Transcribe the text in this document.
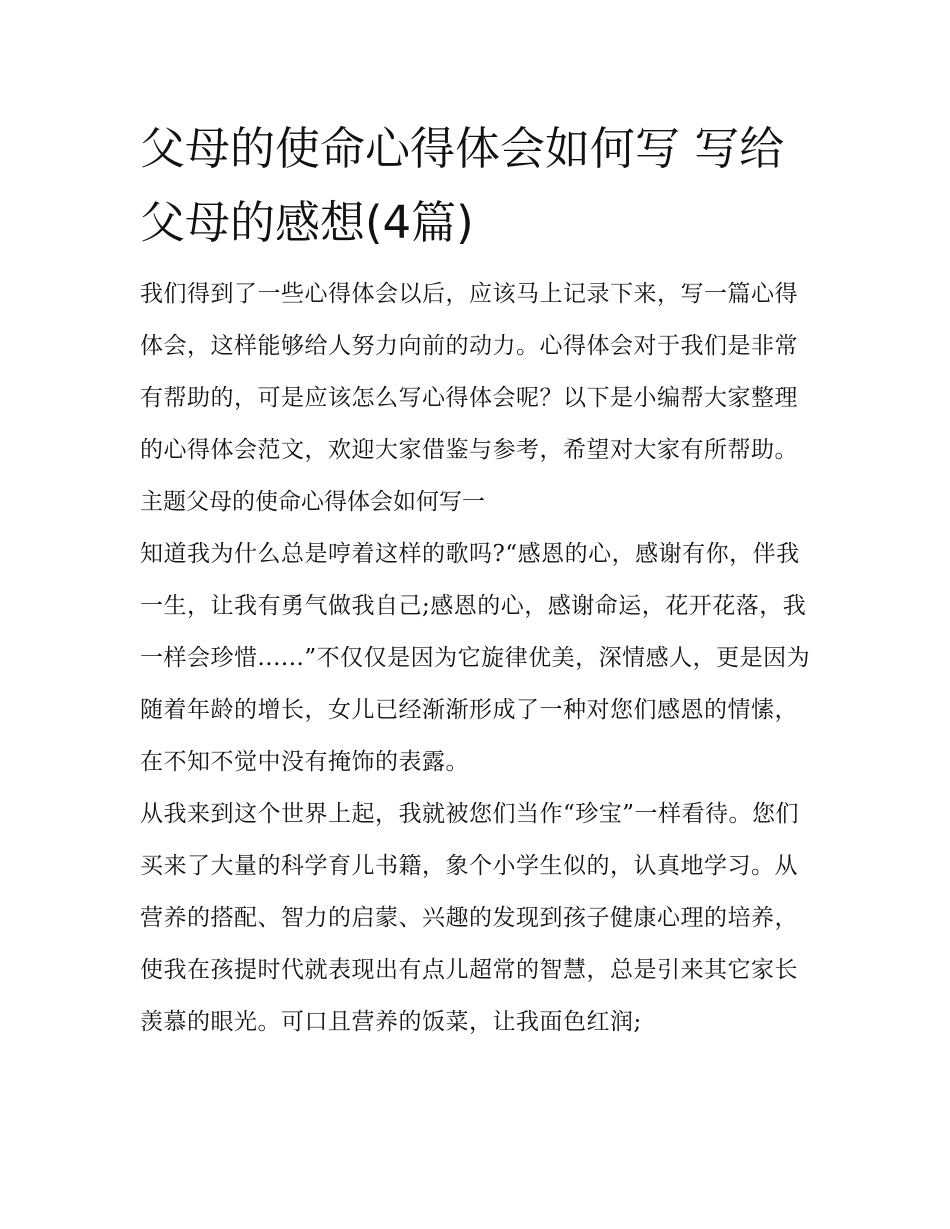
父母的使命心得体会如何写 写给父母的感想(4篇)

我们得到了一些心得体会以后，应该马上记录下来，写一篇心得体会，这样能够给人努力向前的动力。心得体会对于我们是非常有帮助的，可是应该怎么写心得体会呢？以下是小编帮大家整理的心得体会范文，欢迎大家借鉴与参考，希望对大家有所帮助。

主题父母的使命心得体会如何写一

知道我为什么总是哼着这样的歌吗?“感恩的心，感谢有你，伴我一生，让我有勇气做我自己;感恩的心，感谢命运，花开花落，我一样会珍惜......”不仅仅是因为它旋律优美，深情感人，更是因为随着年龄的增长，女儿已经渐渐形成了一种对您们感恩的情愫，在不知不觉中没有掩饰的表露。

从我来到这个世界上起，我就被您们当作“珍宝”一样看待。您们买来了大量的科学育儿书籍，象个小学生似的，认真地学习。从营养的搭配、智力的启蒙、兴趣的发现到孩子健康心理的培养，使我在孩提时代就表现出有点儿超常的智慧，总是引来其它家长羡慕的眼光。可口且营养的饭菜，让我面色红润;
